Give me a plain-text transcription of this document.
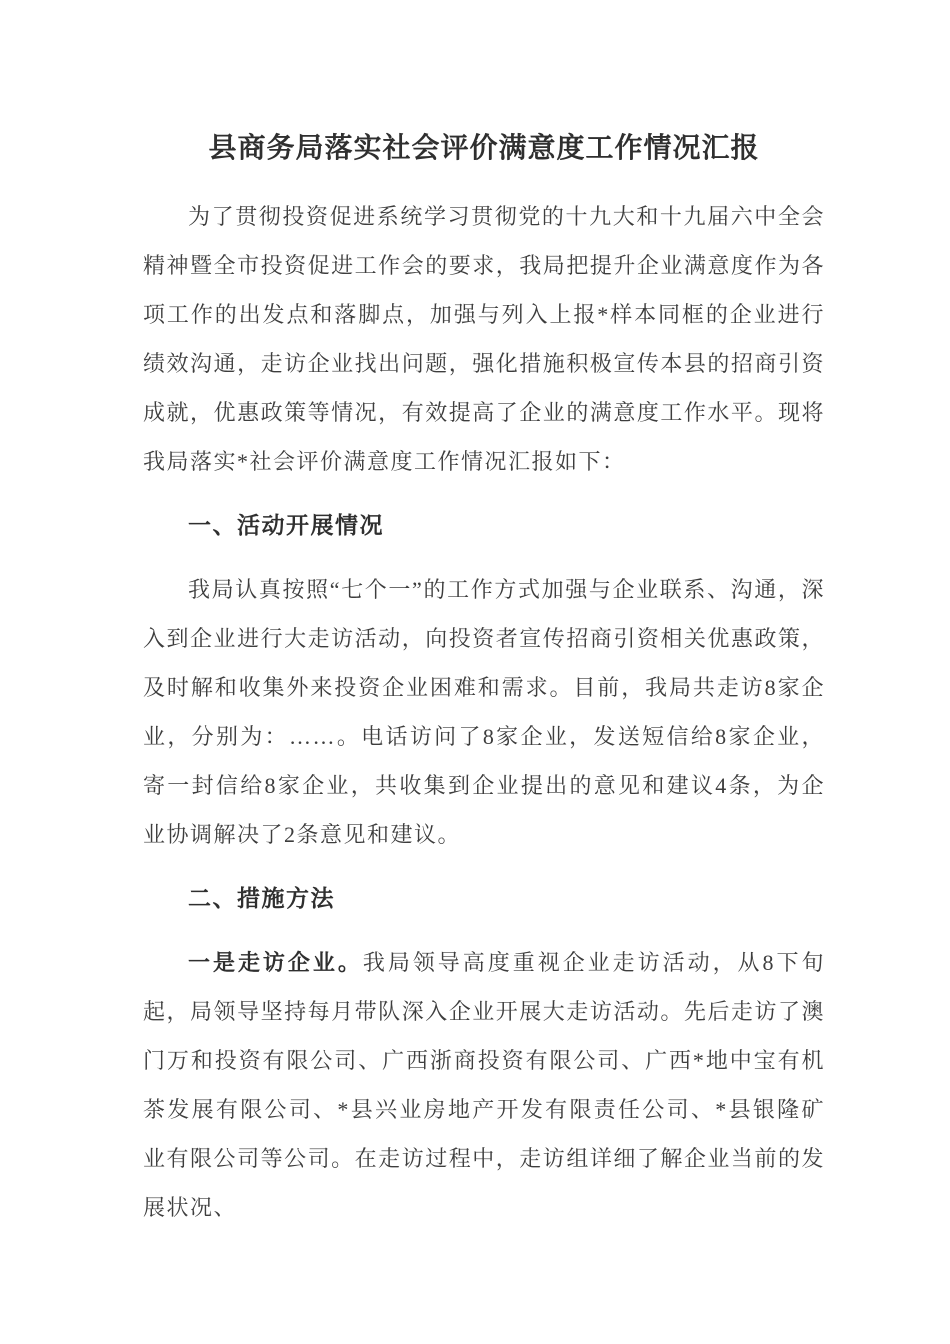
县商务局落实社会评价满意度工作情况汇报

为了贯彻投资促进系统学习贯彻党的十九大和十九届六中全会精神暨全市投资促进工作会的要求，我局把提升企业满意度作为各项工作的出发点和落脚点，加强与列入上报*样本同框的企业进行绩效沟通，走访企业找出问题，强化措施积极宣传本县的招商引资成就，优惠政策等情况，有效提高了企业的满意度工作水平。现将我局落实*社会评价满意度工作情况汇报如下：

一、活动开展情况

我局认真按照“七个一”的工作方式加强与企业联系、沟通，深入到企业进行大走访活动，向投资者宣传招商引资相关优惠政策，及时解和收集外来投资企业困难和需求。目前，我局共走访8家企业，分别为：……。电话访问了8家企业，发送短信给8家企业，寄一封信给8家企业，共收集到企业提出的意见和建议4条，为企业协调解决了2条意见和建议。

二、措施方法

一是走访企业。我局领导高度重视企业走访活动，从8下旬起，局领导坚持每月带队深入企业开展大走访活动。先后走访了澳门万和投资有限公司、广西浙商投资有限公司、广西*地中宝有机茶发展有限公司、*县兴业房地产开发有限责任公司、*县银隆矿业有限公司等公司。在走访过程中，走访组详细了解企业当前的发展状况、
